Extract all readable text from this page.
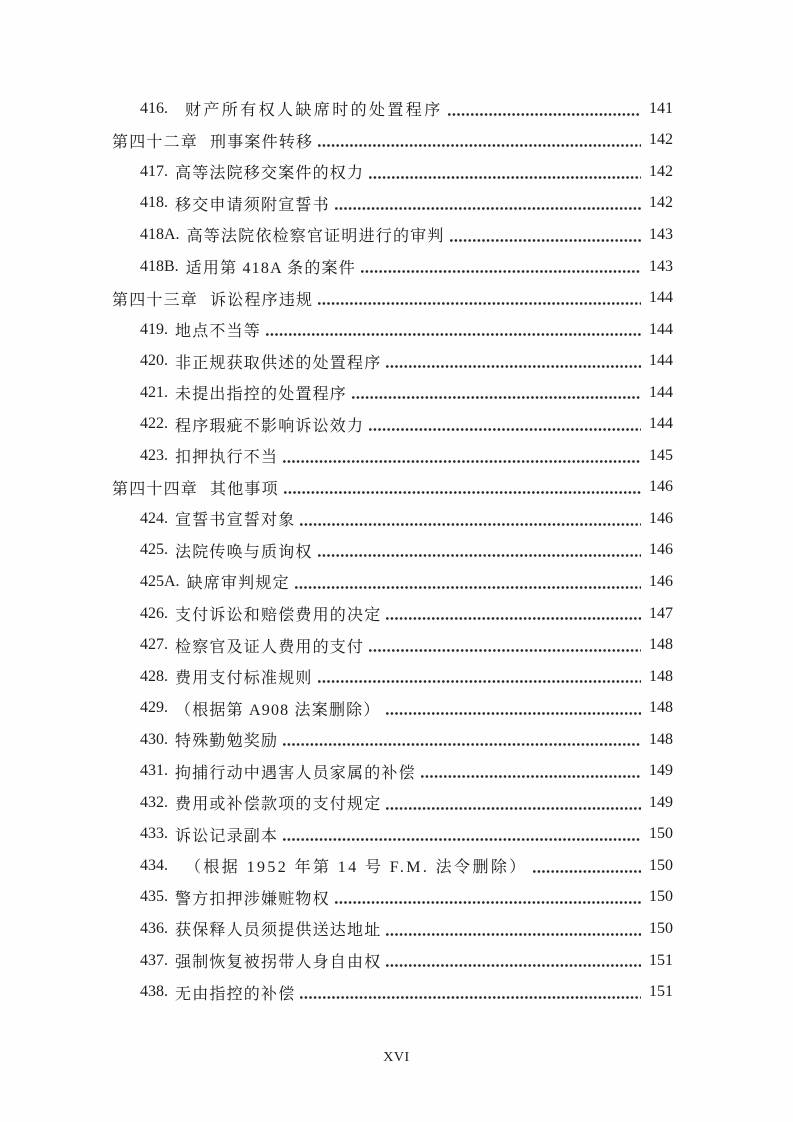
416. 财产所有权人缺席时的处置程序	141
第四十二章 刑事案件转移	142
417. 高等法院移交案件的权力	142
418. 移交申请须附宣誓书	142
418A. 高等法院依检察官证明进行的审判	143
418B. 适用第 418A 条的案件	143
第四十三章 诉讼程序违规	144
419. 地点不当等	144
420. 非正规获取供述的处置程序	144
421. 未提出指控的处置程序	144
422. 程序瑕疵不影响诉讼效力	144
423. 扣押执行不当	145
第四十四章 其他事项	146
424. 宣誓书宣誓对象	146
425. 法院传唤与质询权	146
425A. 缺席审判规定	146
426. 支付诉讼和赔偿费用的决定	147
427. 检察官及证人费用的支付	148
428. 费用支付标准规则	148
429. （根据第 A908 法案删除）	148
430. 特殊勤勉奖励	148
431. 拘捕行动中遇害人员家属的补偿	149
432. 费用或补偿款项的支付规定	149
433. 诉讼记录副本	150
434. （根据 1952 年第 14 号 F.M. 法令删除）	150
435. 警方扣押涉嫌赃物权	150
436. 获保释人员须提供送达地址	150
437. 强制恢复被拐带人身自由权	151
438. 无由指控的补偿	151
XVI
